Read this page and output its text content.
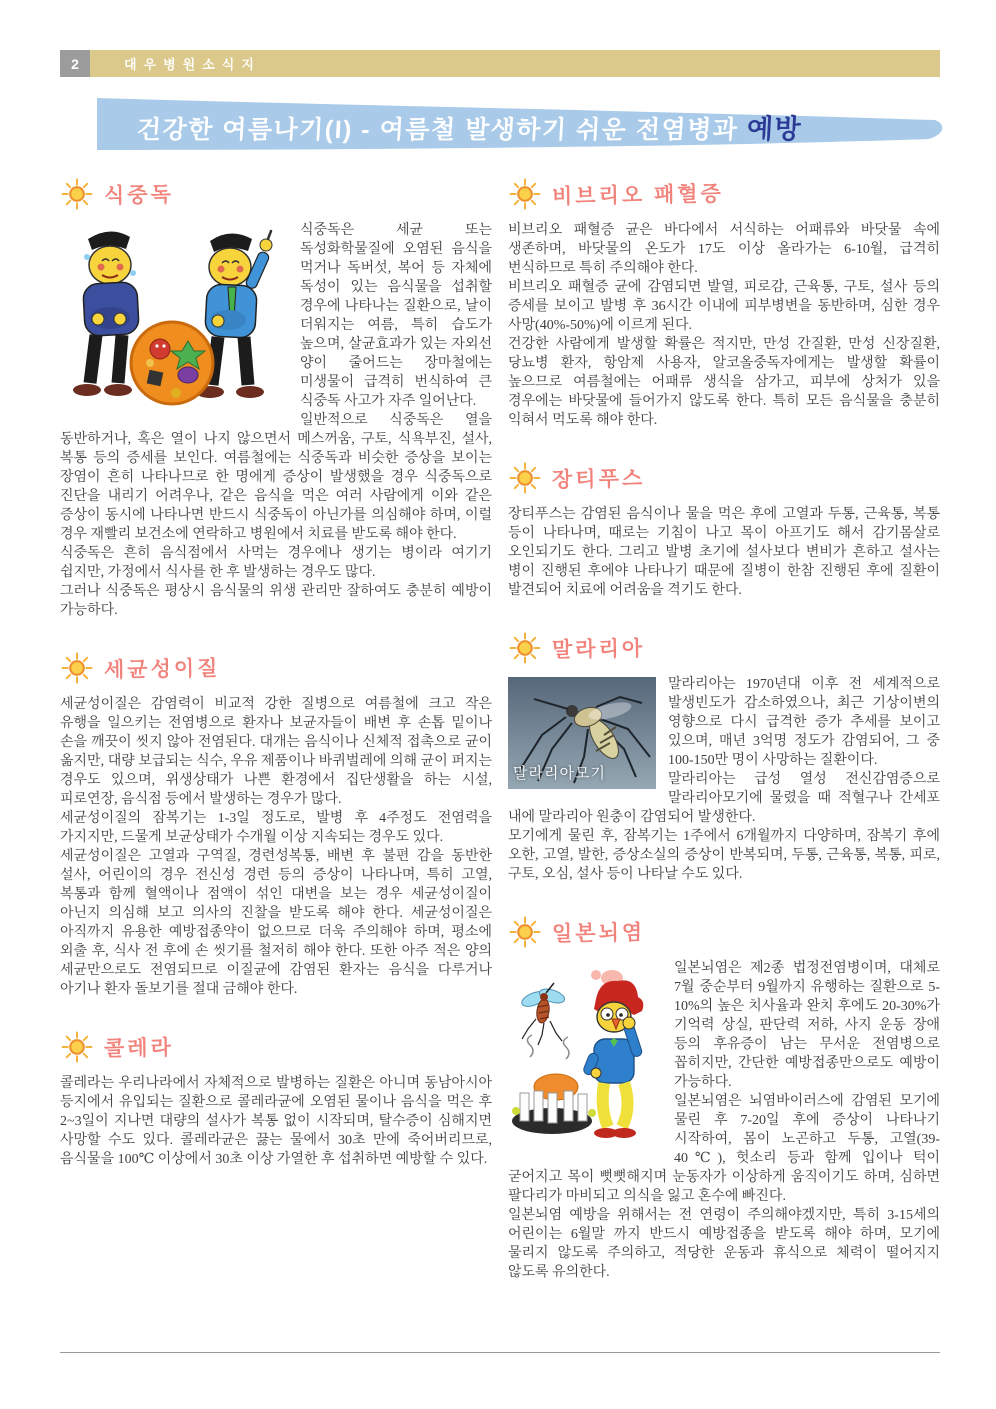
2	대우병원소식지
건강한 여름나기(I) - 여름철 발생하기 쉬운 전염병과 예방
식중독

식중독은 세균 또는 독성화학물질에 오염된 음식을 먹거나 독버섯, 복어 등 자체에 독성이 있는 음식물을 섭취할 경우에 나타나는 질환으로, 날이 더워지는 여름, 특히 습도가 높으며, 살균효과가 있는 자외선 양이 줄어드는 장마철에는 미생물이 급격히 번식하여 큰 식중독 사고가 자주 일어난다.

일반적으로 식중독은 열을 동반하거나, 혹은 열이 나지 않으면서 메스꺼움, 구토, 식욕부진, 설사, 복통 등의 증세를 보인다. 여름철에는 식중독과 비슷한 증상을 보이는 장염이 흔히 나타나므로 한 명에게 증상이 발생했을 경우 식중독으로 진단을 내리기 어려우나, 같은 음식을 먹은 여러 사람에게 이와 같은 증상이 동시에 나타나면 반드시 식중독이 아닌가를 의심해야 하며, 이럴 경우 재빨리 보건소에 연락하고 병원에서 치료를 받도록 해야 한다.

식중독은 흔히 음식점에서 사먹는 경우에나 생기는 병이라 여기기 쉽지만, 가정에서 식사를 한 후 발생하는 경우도 많다.

그러나 식중독은 평상시 음식물의 위생 관리만 잘하여도 충분히 예방이 가능하다.

세균성이질

세균성이질은 감염력이 비교적 강한 질병으로 여름철에 크고 작은 유행을 일으키는 전염병으로 환자나 보균자들이 배변 후 손톱 밑이나 손을 깨끗이 씻지 않아 전염된다. 대개는 음식이나 신체적 접촉으로 균이 옮지만, 대량 보급되는 식수, 우유 제품이나 바퀴벌레에 의해 균이 퍼지는 경우도 있으며, 위생상태가 나쁜 환경에서 집단생활을 하는 시설, 피로연장, 음식점 등에서 발생하는 경우가 많다.

세균성이질의 잠복기는 1-3일 정도로, 발병 후 4주정도 전염력을 가지지만, 드물게 보균상태가 수개월 이상 지속되는 경우도 있다.

세균성이질은 고열과 구역질, 경련성복통, 배변 후 불편 감을 동반한 설사, 어린이의 경우 전신성 경련 등의 증상이 나타나며, 특히 고열, 복통과 함께 혈액이나 점액이 섞인 대변을 보는 경우 세균성이질이 아닌지 의심해 보고 의사의 진찰을 받도록 해야 한다. 세균성이질은 아직까지 유용한 예방접종약이 없으므로 더욱 주의해야 하며, 평소에 외출 후, 식사 전 후에 손 씻기를 철저히 해야 한다. 또한 아주 적은 양의 세균만으로도 전염되므로 이질균에 감염된 환자는 음식을 다루거나 아기나 환자 돌보기를 절대 금해야 한다.

콜레라

콜레라는 우리나라에서 자체적으로 발병하는 질환은 아니며 동남아시아 등지에서 유입되는 질환으로 콜레라균에 오염된 물이나 음식을 먹은 후 2~3일이 지나면 대량의 설사가 복통 없이 시작되며, 탈수증이 심해지면 사망할 수도 있다. 콜레라균은 끓는 물에서 30초 만에 죽어버리므로, 음식물을 100℃ 이상에서 30초 이상 가열한 후 섭취하면 예방할 수 있다.

비브리오 패혈증

비브리오 패혈증 균은 바다에서 서식하는 어패류와 바닷물 속에 생존하며, 바닷물의 온도가 17도 이상 올라가는 6-10월, 급격히 번식하므로 특히 주의해야 한다.

비브리오 패혈증 균에 감염되면 발열, 피로감, 근육통, 구토, 설사 등의 증세를 보이고 발병 후 36시간 이내에 피부병변을 동반하며, 심한 경우 사망(40%-50%)에 이르게 된다.

건강한 사람에게 발생할 확률은 적지만, 만성 간질환, 만성 신장질환, 당뇨병 환자, 항암제 사용자, 알코올중독자에게는 발생할 확률이 높으므로 여름철에는 어패류 생식을 삼가고, 피부에 상처가 있을 경우에는 바닷물에 들어가지 않도록 한다. 특히 모든 음식물을 충분히 익혀서 먹도록 해야 한다.

장티푸스

장티푸스는 감염된 음식이나 물을 먹은 후에 고열과 두통, 근육통, 복통 등이 나타나며, 때로는 기침이 나고 목이 아프기도 해서 감기몸살로 오인되기도 한다. 그리고 발병 초기에 설사보다 변비가 흔하고 설사는 병이 진행된 후에야 나타나기 때문에 질병이 한참 진행된 후에 질환이 발견되어 치료에 어려움을 격기도 한다.

말라리아
말라리아모기

말라리아는 1970년대 이후 전 세계적으로 발생빈도가 감소하였으나, 최근 기상이변의 영향으로 다시 급격한 증가 추세를 보이고 있으며, 매년 3억명 정도가 감염되어, 그 중 100-150만 명이 사망하는 질환이다.

말라리아는 급성 열성 전신감염증으로 말라리아모기에 물렸을 때 적혈구나 간세포 내에 말라리아 원충이 감염되어 발생한다.

모기에게 물린 후, 잠복기는 1주에서 6개월까지 다양하며, 잠복기 후에 오한, 고열, 발한, 증상소실의 증상이 반복되며, 두통, 근육통, 복통, 피로, 구토, 오심, 설사 등이 나타날 수도 있다.

일본뇌염

일본뇌염은 제2종 법정전염병이며, 대체로 7월 중순부터 9월까지 유행하는 질환으로 5-10%의 높은 치사율과 완치 후에도 20-30%가 기억력 상실, 판단력 저하, 사지 운동 장애 등의 후유증이 남는 무서운 전염병으로 꼽히지만, 간단한 예방접종만으로도 예방이 가능하다.

일본뇌염은 뇌염바이러스에 감염된 모기에 물린 후 7-20일 후에 증상이 나타나기 시작하여, 몸이 노곤하고 두통, 고열(39-40℃), 헛소리 등과 함께 입이나 턱이 굳어지고 목이 뻣뻣해지며 눈동자가 이상하게 움직이기도 하며, 심하면 팔다리가 마비되고 의식을 잃고 혼수에 빠진다.

일본뇌염 예방을 위해서는 전 연령이 주의해야겠지만, 특히 3-15세의 어린이는 6월말 까지 반드시 예방접종을 받도록 해야 하며, 모기에 물리지 않도록 주의하고, 적당한 운동과 휴식으로 체력이 떨어지지 않도록 유의한다.
